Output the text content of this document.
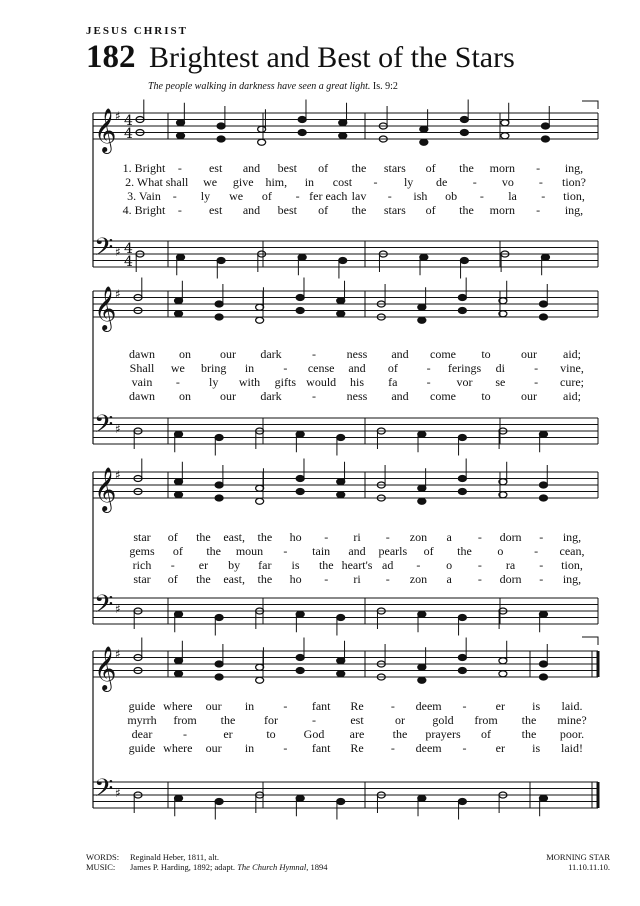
JESUS CHRIST
182 Brightest and Best of the Stars
The people walking in darkness have seen a great light. Is. 9:2
𝄞
♯ 4
4
𝄢 ♯ 4
4
𝄞
♯
𝄢 ♯
𝄞
♯
𝄢 ♯
𝄞
♯
𝄢 ♯
1. Bright - est and best of the stars of the morn - ing,
2. What shall we give him, in cost - ly de - vo - tion?
3. Vain - ly we of - fer each lav - ish ob - la - tion,
4. Bright - est and best of the stars of the morn - ing,
dawn on our dark	-	ness and come to	our aid;
Shall we bring in - cense and of - ferings di - vine,
vain - ly with gifts would his fa - vor se - cure;
dawn on our dark	-	ness and come to	our aid;
star of the east, the ho - ri - zon a - dorn - ing,
gems of the moun - tain and pearls of the o	- cean,
rich - er by far is the heart's ad - o - ra - tion,
star of the east, the ho - ri - zon a - dorn - ing,
guide where our in - fant Re - deem - er is laid.
myrrh from the for	-	est	or gold from the mine?
dear	-	er	to God are the prayers of	the poor.
guide where our in - fant Re - deem - er is laid!
WORDS: Reginald Heber, 1811, alt.
MUSIC: James P. Harding, 1892; adapt. The Church Hymnal, 1894
MORNING STAR
11.10.11.10.
